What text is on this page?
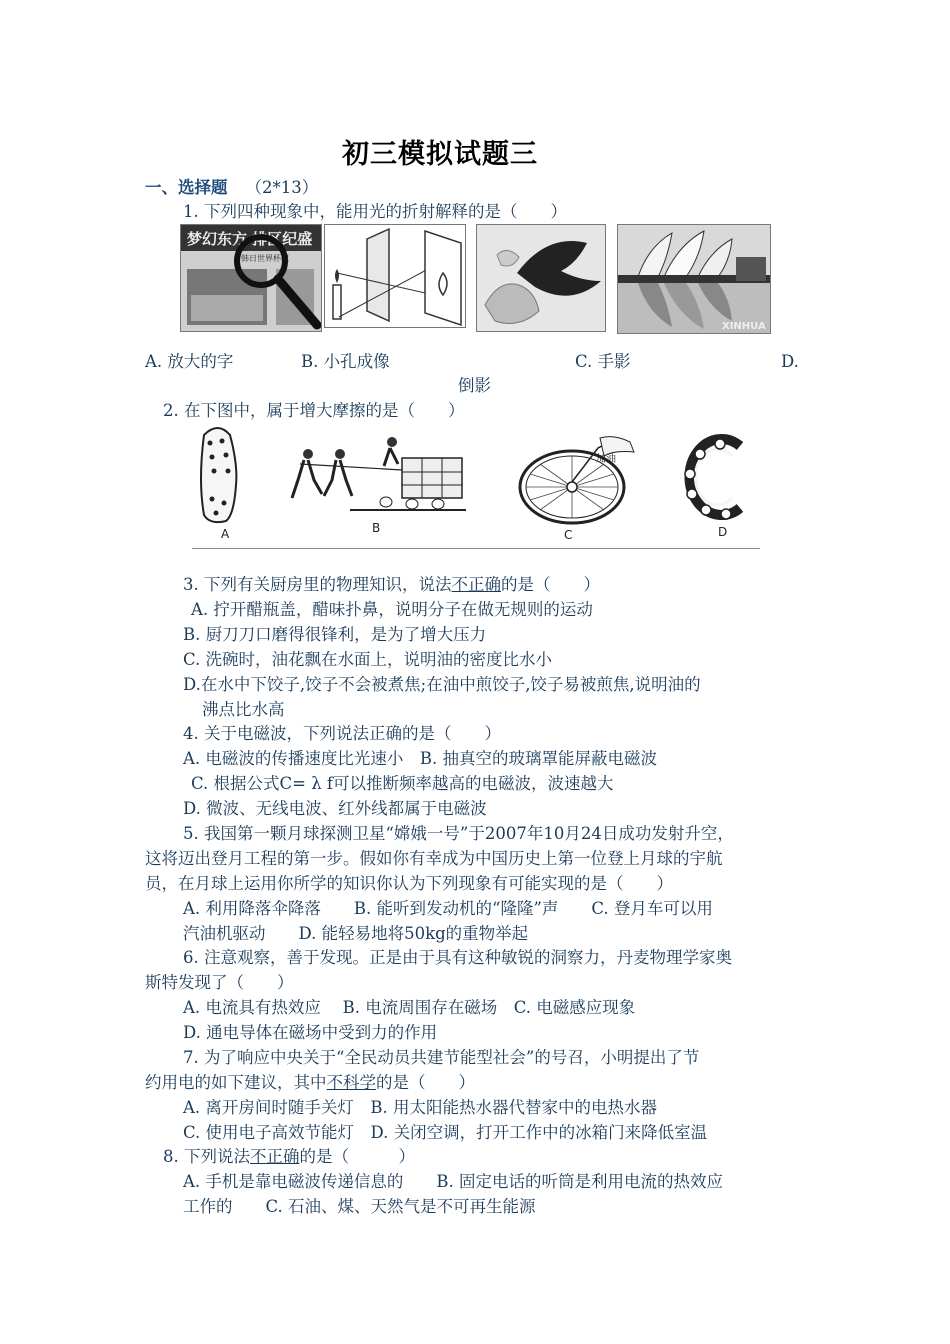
初三模拟试题三
一、选择题 （2*13）
1. 下列四种现象中，能用光的折射解释的是（　　）
梦幻东方 排区纪盛
韩日世界杯纪
XINHUA
A. 放大的字	B. 小孔成像	C. 手影	D.
倒影
2. 在下图中，属于增大摩擦的是（　　）
A	B
加油
C	D
3. 下列有关厨房里的物理知识，说法不正确的是（　　）
A. 拧开醋瓶盖，醋味扑鼻，说明分子在做无规则的运动
B. 厨刀刀口磨得很锋利，是为了增大压力
C. 洗碗时，油花飘在水面上，说明油的密度比水小
D.在水中下饺子,饺子不会被煮焦;在油中煎饺子,饺子易被煎焦,说明油的
沸点比水高
4. 关于电磁波，下列说法正确的是（　　）
A. 电磁波的传播速度比光速小　B. 抽真空的玻璃罩能屏蔽电磁波
C. 根据公式C= λ f可以推断频率越高的电磁波，波速越大
D. 微波、无线电波、红外线都属于电磁波
5. 我国第一颗月球探测卫星“嫦娥一号”于2007年10月24日成功发射升空，
这将迈出登月工程的第一步。假如你有幸成为中国历史上第一位登上月球的宇航
员，在月球上运用你所学的知识你认为下列现象有可能实现的是（　　）
A. 利用降落伞降落　　B. 能听到发动机的“隆隆”声　　C. 登月车可以用
汽油机驱动　　D. 能轻易地将50kg的重物举起
6. 注意观察，善于发现。正是由于具有这种敏锐的洞察力，丹麦物理学家奥
斯特发现了（　　）
A. 电流具有热效应　 B. 电流周围存在磁场　C. 电磁感应现象
D. 通电导体在磁场中受到力的作用
7. 为了响应中央关于“全民动员共建节能型社会”的号召，小明提出了节
约用电的如下建议，其中不科学的是（　　）
A. 离开房间时随手关灯　B. 用太阳能热水器代替家中的电热水器
C. 使用电子高效节能灯　D. 关闭空调，打开工作中的冰箱门来降低室温
8. 下列说法不正确的是（　　　）
A. 手机是靠电磁波传递信息的　　B. 固定电话的听筒是利用电流的热效应
工作的　　C. 石油、煤、天然气是不可再生能源
